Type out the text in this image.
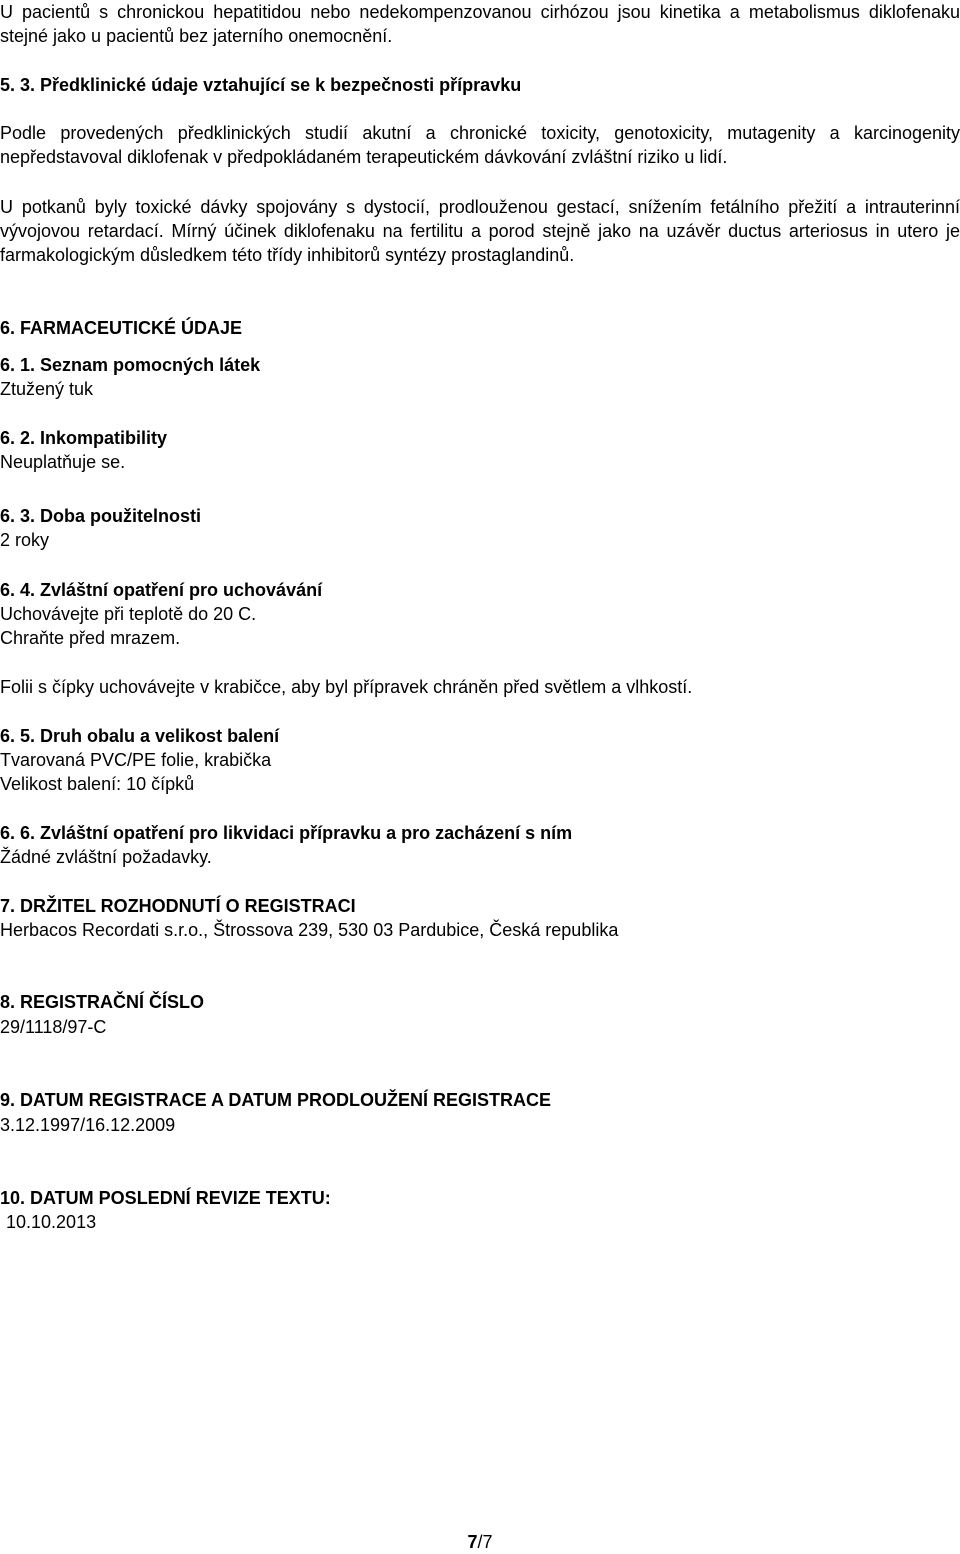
U pacientů s chronickou hepatitidou nebo nedekompenzovanou cirhózou jsou kinetika a metabolismus diklofenaku stejné jako u pacientů bez jaterního onemocnění.

5. 3. Předklinické údaje vztahující se k bezpečnosti přípravku

Podle provedených předklinických studií akutní a chronické toxicity, genotoxicity, mutagenity a karcinogenity nepředstavoval diklofenak v předpokládaném terapeutickém dávkování zvláštní riziko u lidí.

U potkanů byly toxické dávky spojovány s dystocií, prodlouženou gestací, snížením fetálního přežití a intrauterinní vývojovou retardací. Mírný účinek diklofenaku na fertilitu a porod stejně jako na uzávěr ductus arteriosus in utero je farmakologickým důsledkem této třídy inhibitorů syntézy prostaglandinů.

6. FARMACEUTICKÉ ÚDAJE

6. 1. Seznam pomocných látek

Ztužený tuk

6. 2. Inkompatibility

Neuplatňuje se.

6. 3. Doba použitelnosti

2 roky

6. 4. Zvláštní opatření pro uchovávání

Uchovávejte při teplotě do 20 C.

Chraňte před mrazem.

Folii s čípky uchovávejte v krabičce, aby byl přípravek chráněn před světlem a vlhkostí.

6. 5. Druh obalu a velikost balení

Tvarovaná PVC/PE folie, krabička

Velikost balení: 10 čípků

6. 6. Zvláštní opatření pro likvidaci přípravku a pro zacházení s ním

Žádné zvláštní požadavky.

7. DRŽITEL ROZHODNUTÍ O REGISTRACI

Herbacos Recordati s.r.o., Štrossova 239, 530 03 Pardubice, Česká republika

8. REGISTRAČNÍ ČÍSLO

29/1118/97-C

9. DATUM REGISTRACE A DATUM PRODLOUŽENÍ REGISTRACE

3.12.1997/16.12.2009

10. DATUM POSLEDNÍ REVIZE TEXTU:

10.10.2013

7/7
